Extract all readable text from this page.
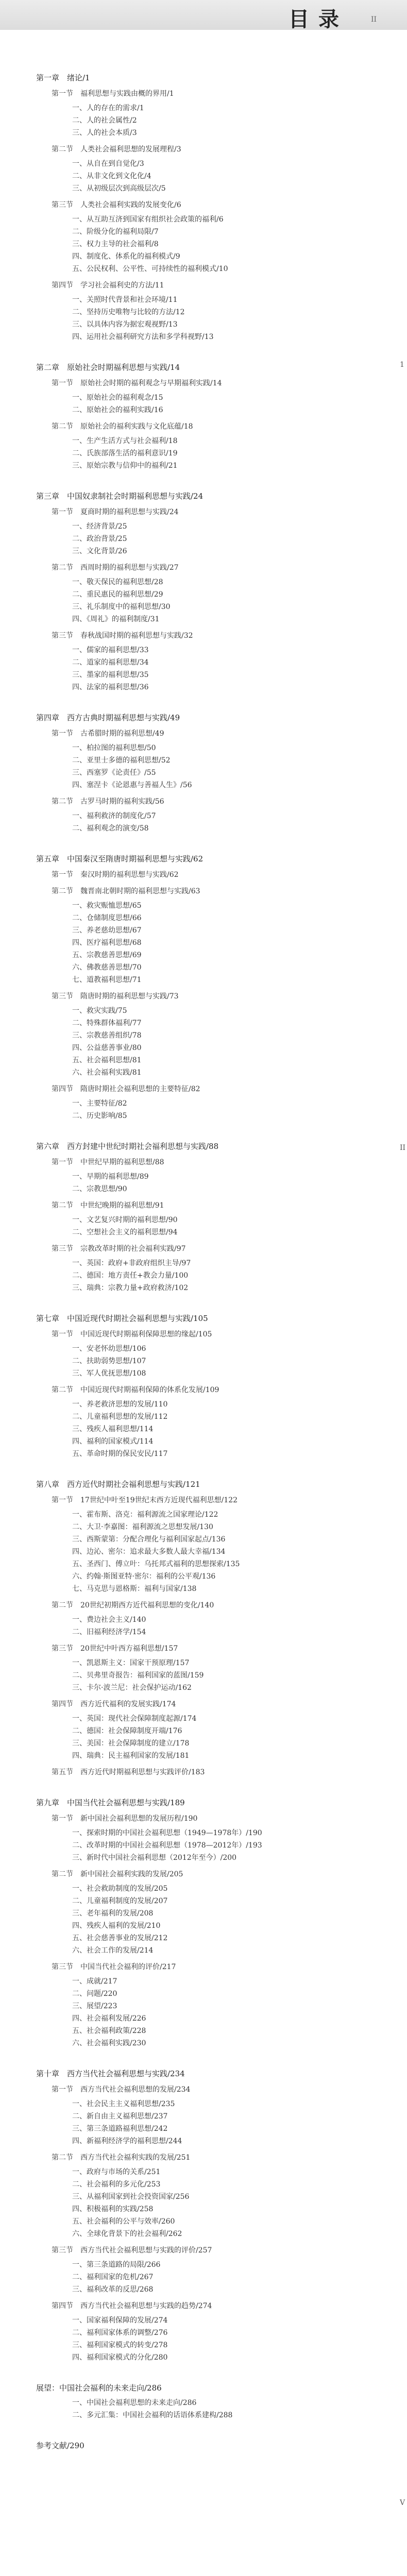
目录	II
第一章　绪论/1
第一节　福利思想与实践由概的界用/1
一、人的存在的需求/1
二、人的社会属性/2
三、人的社会本质/3
第二节　人类社会福利思想的发展理程/3
一、从自在到自觉化/3
二、从非文化到文化化/4
三、从初级层次到高级层次/5
第三节　人类社会福利实践的发展变化/6
一、从互助互济到国家有组织社会政策的福利/6
二、阶级分化的福利局限/7
三、权力主导的社会福利/8
四、制度化、体系化的福利模式/9
五、公民权利、公平性、可持续性的福利模式/10
第四节　学习社会福利史的方法/11
一、关照时代背景和社会环境/11
二、坚持历史唯物与比较的方法/12
三、以具体内容为据宏观视野/13
四、运用社会福利研究方法和多学科视野/13
第二章　原始社会时期福利思想与实践/14
第一节　原始社会时期的福利观念与早期福利实践/14
一、原始社会的福利观念/15
二、原始社会的福利实践/16
第二节　原始社会的福利实践与文化底蕴/18
一、生产生活方式与社会福利/18
二、氏族部落生活的福利意识/19
三、原始宗教与信仰中的福利/21
第三章　中国奴隶制社会时期福利思想与实践/24
第一节　夏商时期的福利思想与实践/24
一、经济背景/25
二、政治背景/25
三、文化背景/26
第二节　西周时期的福利思想与实践/27
一、敬天保民的福利思想/28
二、重民惠民的福利思想/29
三、礼乐制度中的福利思想/30
四、《周礼》的福利制度/31
第三节　春秋战国时期的福利思想与实践/32
一、儒家的福利思想/33
二、道家的福利思想/34
三、墨家的福利思想/35
四、法家的福利思想/36
第四章　西方古典时期福利思想与实践/49
第一节　古希腊时期的福利思想/49
一、柏拉图的福利思想/50
二、亚里士多德的福利思想/52
三、西塞罗《论责任》/55
四、塞涅卡《论恩惠与善福人生》/56
第二节　古罗马时期的福利实践/56
一、福利救济的制度化/57
二、福利观念的演变/58
第五章　中国秦汉至隋唐时期福利思想与实践/62
第一节　秦汉时期的福利思想与实践/62
第二节　魏晋南北朝时期的福利思想与实践/63
一、救灾赈恤思想/65
二、仓储制度思想/66
三、养老慈幼思想/67
四、医疗福利思想/68
五、宗教慈善思想/69
六、佛教慈善思想/70
七、道教福利思想/71
第三节　隋唐时期的福利思想与实践/73
一、救灾实践/75
二、特殊群体福利/77
三、宗教慈善组织/78
四、公益慈善事业/80
五、社会福利思想/81
六、社会福利实践/81
第四节　隋唐时期社会福利思想的主要特征/82
一、主要特征/82
二、历史影响/85
第六章　西方封建中世纪时期社会福利思想与实践/88
第一节　中世纪早期的福利思想/88
一、早期的福利思想/89
二、宗教思想/90
第二节　中世纪晚期的福利思想/91
一、文艺复兴时期的福利思想/90
二、空想社会主义的福利思想/94
第三节　宗教改革时期的社会福利实践/97
一、英国：政府+非政府组织主导/97
二、德国：地方责任+教会力量/100
三、瑞典：宗教力量+政府救济/102
第七章　中国近现代时期社会福利思想与实践/105
第一节　中国近现代时期福利保障思想的缘起/105
一、安老怀幼思想/106
二、扶助弱势思想/107
三、军人优抚思想/108
第二节　中国近现代时期福利保障的体系化发展/109
一、养老救济思想的发展/110
二、儿童福利思想的发展/112
三、残疾人福利思想/114
四、福利的国家模式/114
五、革命时期的保民安民/117
第八章　西方近代时期社会福利思想与实践/121
第一节　17世纪中叶至19世纪末西方近现代福利思想/122
一、霍布斯、洛克：福利源流之国家理论/122
二、大卫·李嘉图：福利源流之思想发展/130
三、西斯蒙第：分配合理化与福利国家起点/136
四、边沁、密尔：追求最大多数人最大幸福/134
五、圣西门、傅立叶：乌托邦式福利的思想探索/135
六、约翰·斯图亚特·密尔：福利的公平观/136
七、马克思与恩格斯：福利与国家/138
第二节　20世纪初期西方近代福利思想的变化/140
一、费边社会主义/140
二、旧福利经济学/154
第三节　20世纪中叶西方福利思想/157
一、凯恩斯主义：国家干预原理/157
二、贝弗里奇报告：福利国家的蓝图/159
三、卡尔·波兰尼：社会保护运动/162
第四节　西方近代福利的发展实践/174
一、英国：现代社会保障制度起源/174
二、德国：社会保障制度开端/176
三、美国：社会保障制度的建立/178
四、瑞典：民主福利国家的发展/181
第五节　西方近代时期福利思想与实践评价/183
第九章　中国当代社会福利思想与实践/189
第一节　新中国社会福利思想的发展历程/190
一、探索时期的中国社会福利思想（1949—1978年）/190
二、改革时期的中国社会福利思想（1978—2012年）/193
三、新时代中国社会福利思想（2012年至今）/200
第二节　新中国社会福利实践的发展/205
一、社会救助制度的发展/205
二、儿童福利制度的发展/207
三、老年福利的发展/208
四、残疾人福利的发展/210
五、社会慈善事业的发展/212
六、社会工作的发展/214
第三节　中国当代社会福利的评价/217
一、成就/217
二、问题/220
三、展望/223
四、社会福利发展/226
五、社会福利政策/228
六、社会福利实践/230
第十章　西方当代社会福利思想与实践/234
第一节　西方当代社会福利思想的发展/234
一、社会民主主义福利思想/235
二、新自由主义福利思想/237
三、第三条道路福利思想/242
四、新福利经济学的福利思想/244
第二节　西方当代社会福利实践的发展/251
一、政府与市场的关系/251
二、社会福利的多元化/253
三、从福利国家到社会投资国家/256
四、积极福利的实践/258
五、社会福利的公平与效率/260
六、全球化背景下的社会福利/262
第三节　西方当代社会福利思想与实践的评价/257
一、第三条道路的局限/266
二、福利国家的危机/267
三、福利改革的反思/268
第四节　西方当代社会福利思想与实践的趋势/274
一、国家福利保障的发展/274
二、福利国家体系的调整/276
三、福利国家模式的转变/278
四、福利国家模式的分化/280
展望：中国社会福利的未来走向/286
一、中国社会福利思想的未来走向/286
二、多元汇集：中国社会福利的话语体系建构/288
参考文献/290
1
II
V
